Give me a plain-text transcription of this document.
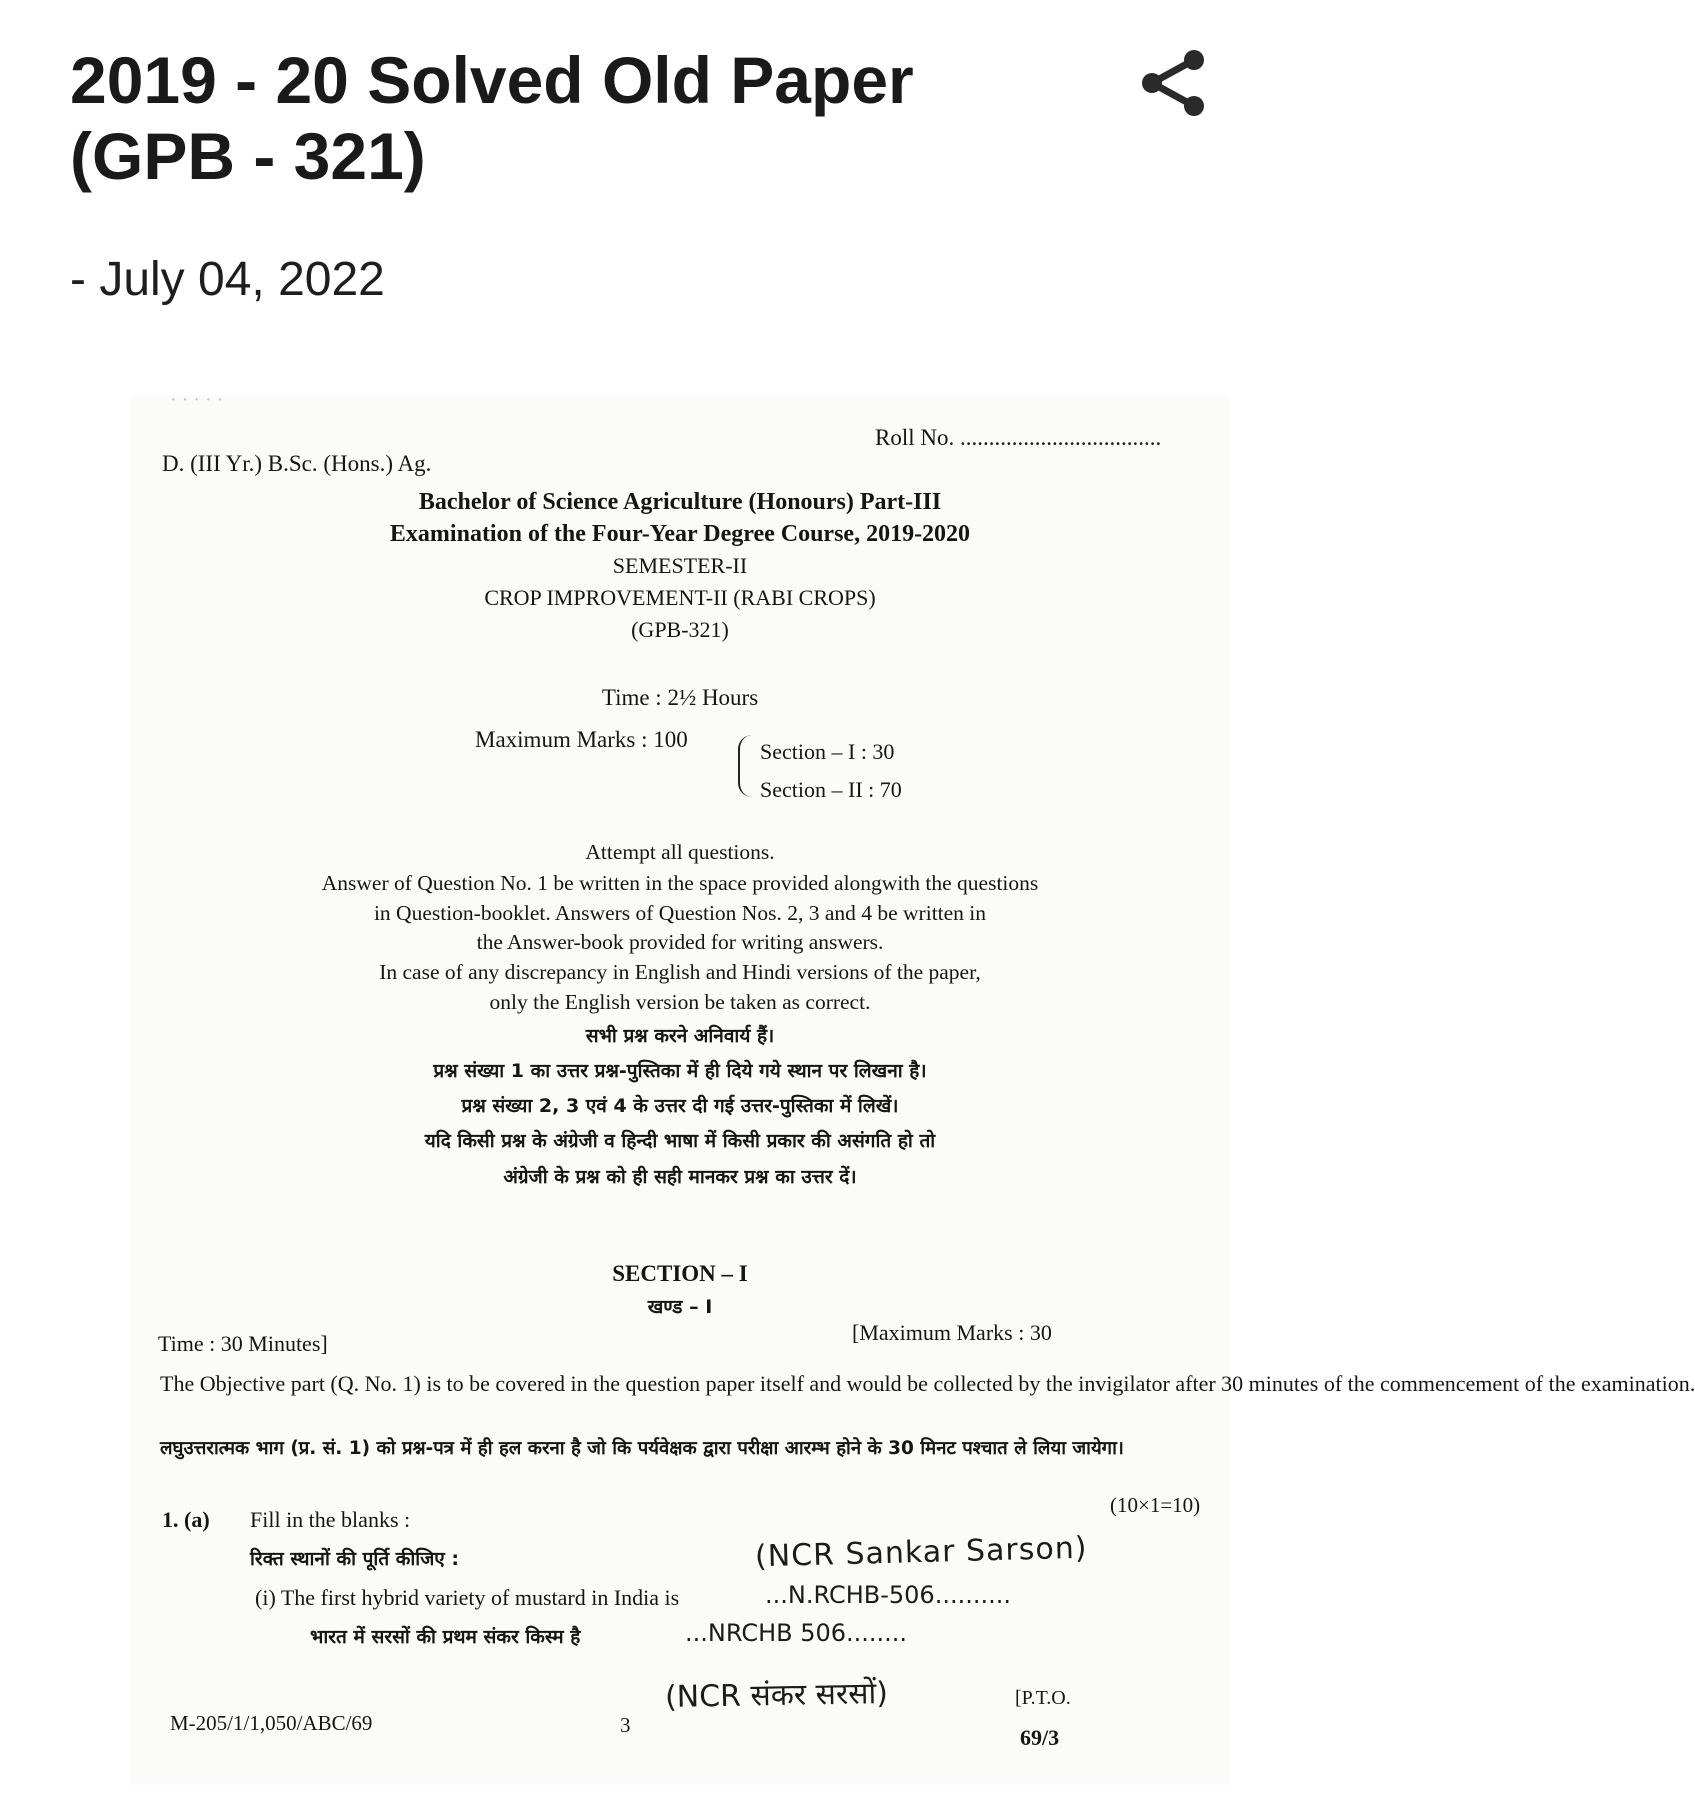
2019 - 20 Solved Old Paper
(GPB - 321)

- July 04, 2022

· · · · ·
Roll No. ...................................
D. (III Yr.) B.Sc. (Hons.) Ag.
Bachelor of Science Agriculture (Honours) Part-III
Examination of the Four-Year Degree Course, 2019-2020
SEMESTER-II
CROP IMPROVEMENT-II (RABI CROPS)
(GPB-321)
Time : 2½ Hours
Maximum Marks : 100	Section – I : 30
Section – II : 70
Attempt all questions.
Answer of Question No. 1 be written in the space provided alongwith the questions
in Question-booklet. Answers of Question Nos. 2, 3 and 4 be written in
the Answer-book provided for writing answers.
In case of any discrepancy in English and Hindi versions of the paper,
only the English version be taken as correct.
सभी प्रश्न करने अनिवार्य हैं।
प्रश्न संख्या 1 का उत्तर प्रश्न-पुस्तिका में ही दिये गये स्थान पर लिखना है।
प्रश्न संख्या 2, 3 एवं 4 के उत्तर दी गई उत्तर-पुस्तिका में लिखें।
यदि किसी प्रश्न के अंग्रेजी व हिन्दी भाषा में किसी प्रकार की असंगति हो तो
अंग्रेजी के प्रश्न को ही सही मानकर प्रश्न का उत्तर दें।
SECTION – I
खण्ड – I
Time : 30 Minutes]	[Maximum Marks : 30
The Objective part (Q. No. 1) is to be covered in the question paper itself and would be collected by the invigilator after 30 minutes of the commencement of the examination.
लघुउत्तरात्मक भाग (प्र. सं. 1) को प्रश्न-पत्र में ही हल करना है जो कि पर्यवेक्षक द्वारा परीक्षा आरम्भ होने के 30 मिनट पश्चात ले लिया जायेगा।
1. (a) Fill in the blanks :
रिक्त स्थानों की पूर्ति कीजिए :
(10×1=10)
(NCR Sankar Sarson)
(i) The first hybrid variety of mustard in India is	...N.RCHB-506..........
भारत में सरसों की प्रथम संकर किस्म है	...NRCHB 506........
M-205/1/1,050/ABC/69	3
(NCR संकर सरसों)	[P.T.O.
69/3
